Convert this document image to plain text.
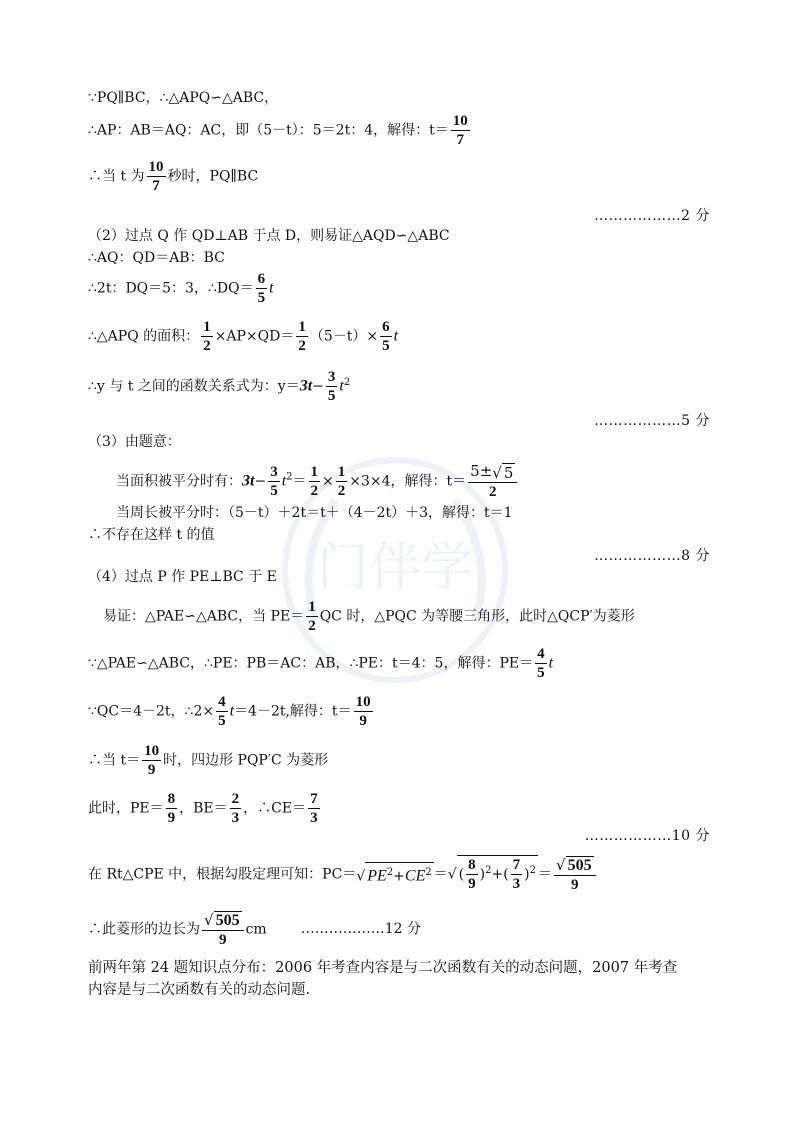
门伴学
∵PQ∥BC，∴△APQ∽△ABC，
∴AP：AB＝AQ：AC，即（5－t）：5＝2t：4，解得：$t= \frac{10}{7}$
∴当 t 为 $\frac{10}{7}$ 秒时，PQ∥BC
………………2 分
（2）过点 Q 作 QD⊥AB 于点 D，则易证△AQD∽△ABC
∴AQ：QD＝AB：BC
∴2t：DQ＝5：3，∴DQ＝ $\frac{6}{5}$ t
∴△APQ 的面积： $\frac{1}{2} \times AP\times QD= \frac{1}{2} (5-t)\times \frac{6}{5}$ t
∴y 与 t 之间的函数关系式为：$y=3t- \frac{3}{5} t^2$
………………5 分
（3）由题意：
当面积被平分时有：$3t- \frac{3}{5} t^2= \frac{1}{2} \times \frac{1}{2} \times 3\times 4$，解得：$t= \frac{5\pm√ 5}{2}$
当周长被平分时：（5－t）＋2t＝t＋（4－2t）＋3，解得：t＝1
∴不存在这样 t 的值
………………8 分
（4）过点 P 作 PE⊥BC 于 E
易证：△PAE∽△ABC，当 $PE= \frac{1}{2}$ QC 时，△PQC 为等腰三角形，此时△QCP′为菱形
∵△PAE∽△ABC，∴PE：PB＝AC：AB，∴PE：t＝4：5，解得：$PE= \frac{4}{5}$ t
∵QC＝4－2t，∴2× $\frac{4}{5} t=4-2t$,解得：$t= \frac{10}{9}$
∴当 $t= \frac{10}{9}$ 时，四边形 PQP′C 为菱形
此时，$PE= \frac{8}{9}$ ，$BE= \frac{2}{3}$ ，∴CE＝ $\frac{7}{3}$
………………10 分
在 Rt△CPE 中，根据勾股定理可知：PC＝√ $PE^2+CE^2$ ＝√ ( $\frac{8}{9} )^2+( \frac{7}{3} )^2 = \frac{√ 505}{9}$
∴此菱形的边长为 $\frac{√ 505}{9}$ cm ………………12 分
前两年第 24 题知识点分布：2006 年考查内容是与二次函数有关的动态问题，2007 年考查
内容是与二次函数有关的动态问题.
